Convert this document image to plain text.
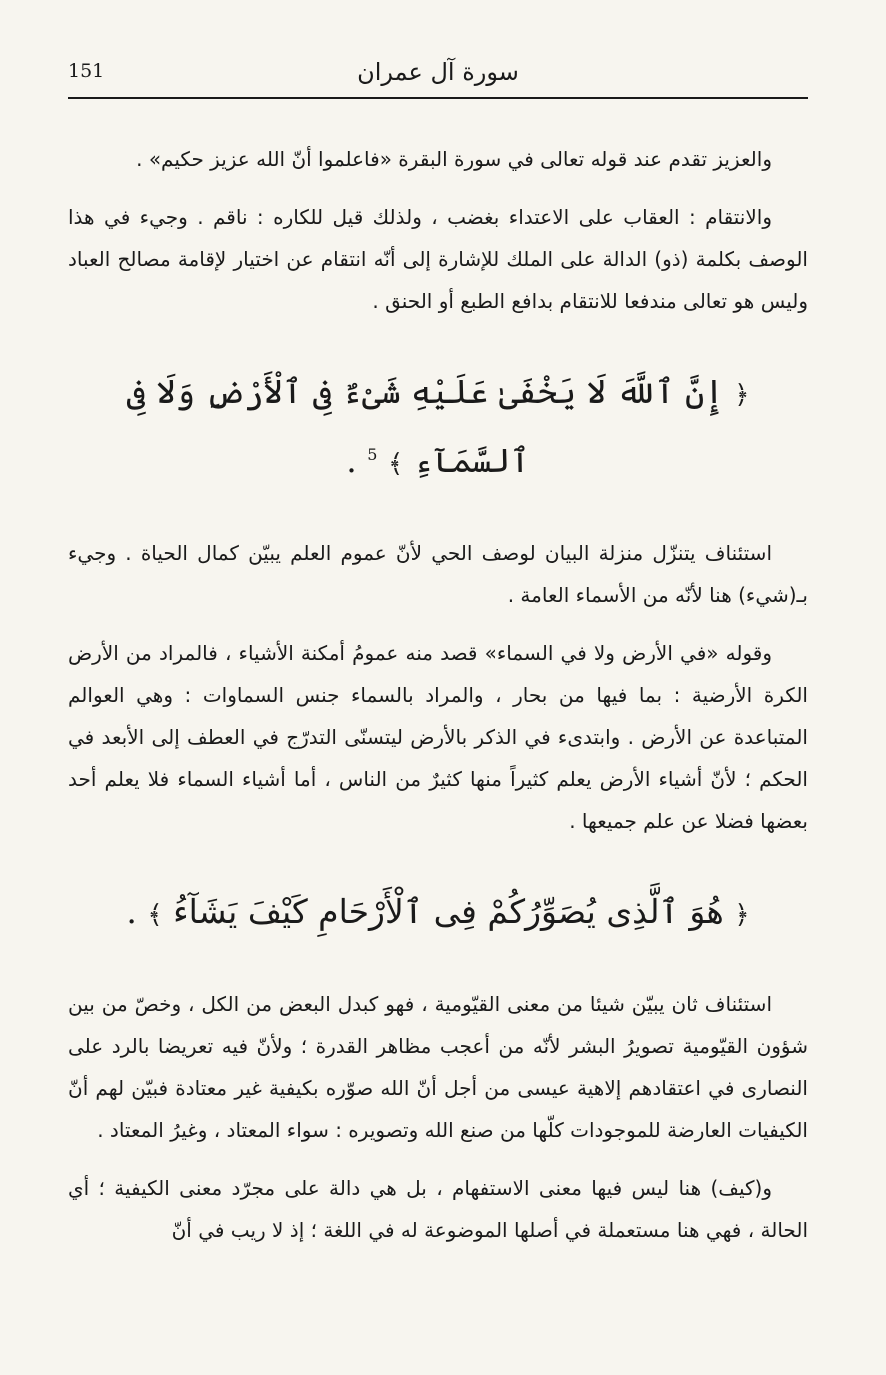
151	سورة آل عمران

والعزيز تقدم عند قوله تعالى في سورة البقرة «فاعلموا أنّ الله عزيز حكيم» .

والانتقام : العقاب على الاعتداء بغضب ، ولذلك قيل للكاره : ناقم . وجيء في هذا الوصف بكلمة (ذو) الدالة على الملك للإشارة إلى أنّه انتقام عن اختيار لإقامة مصالح العباد وليس هو تعالى مندفعا للانتقام بدافع الطبع أو الحنق .

﴿ إِنَّ ٱللَّهَ لَا يَخْفَىٰ عَلَيْهِ شَىْءٌ فِى ٱلْأَرْضِ وَلَا فِى ٱلسَّمَآءِ ﴾ $^5$ .

استئناف يتنزّل منزلة البيان لوصف الحي لأنّ عموم العلم يبيّن كمال الحياة . وجيء بـ(شيء) هنا لأنّه من الأسماء العامة .

وقوله «في الأرض ولا في السماء» قصد منه عمومُ أمكنة الأشياء ، فالمراد من الأرض الكرة الأرضية : بما فيها من بحار ، والمراد بالسماء جنس السماوات : وهي العوالم المتباعدة عن الأرض . وابتدىء في الذكر بالأرض ليتسنّى التدرّج في العطف إلى الأبعد في الحكم ؛ لأنّ أشياء الأرض يعلم كثيراً منها كثيرٌ من الناس ، أما أشياء السماء فلا يعلم أحد بعضها فضلا عن علم جميعها .

﴿ هُوَ ٱلَّذِى يُصَوِّرُكُمْ فِى ٱلْأَرْحَامِ كَيْفَ يَشَآءُ ﴾ .

استئناف ثان يبيّن شيئا من معنى القيّومية ، فهو كبدل البعض من الكل ، وخصّ من بين شؤون القيّومية تصويرُ البشر لأنّه من أعجب مظاهر القدرة ؛ ولأنّ فيه تعريضا بالرد على النصارى في اعتقادهم إلاهية عيسى من أجل أنّ الله صوّره بكيفية غير معتادة فبيّن لهم أنّ الكيفيات العارضة للموجودات كلّها من صنع الله وتصويره : سواء المعتاد ، وغيرُ المعتاد .

و(كيف) هنا ليس فيها معنى الاستفهام ، بل هي دالة على مجرّد معنى الكيفية ؛ أي الحالة ، فهي هنا مستعملة في أصلها الموضوعة له في اللغة ؛ إذ لا ريب في أنّ
